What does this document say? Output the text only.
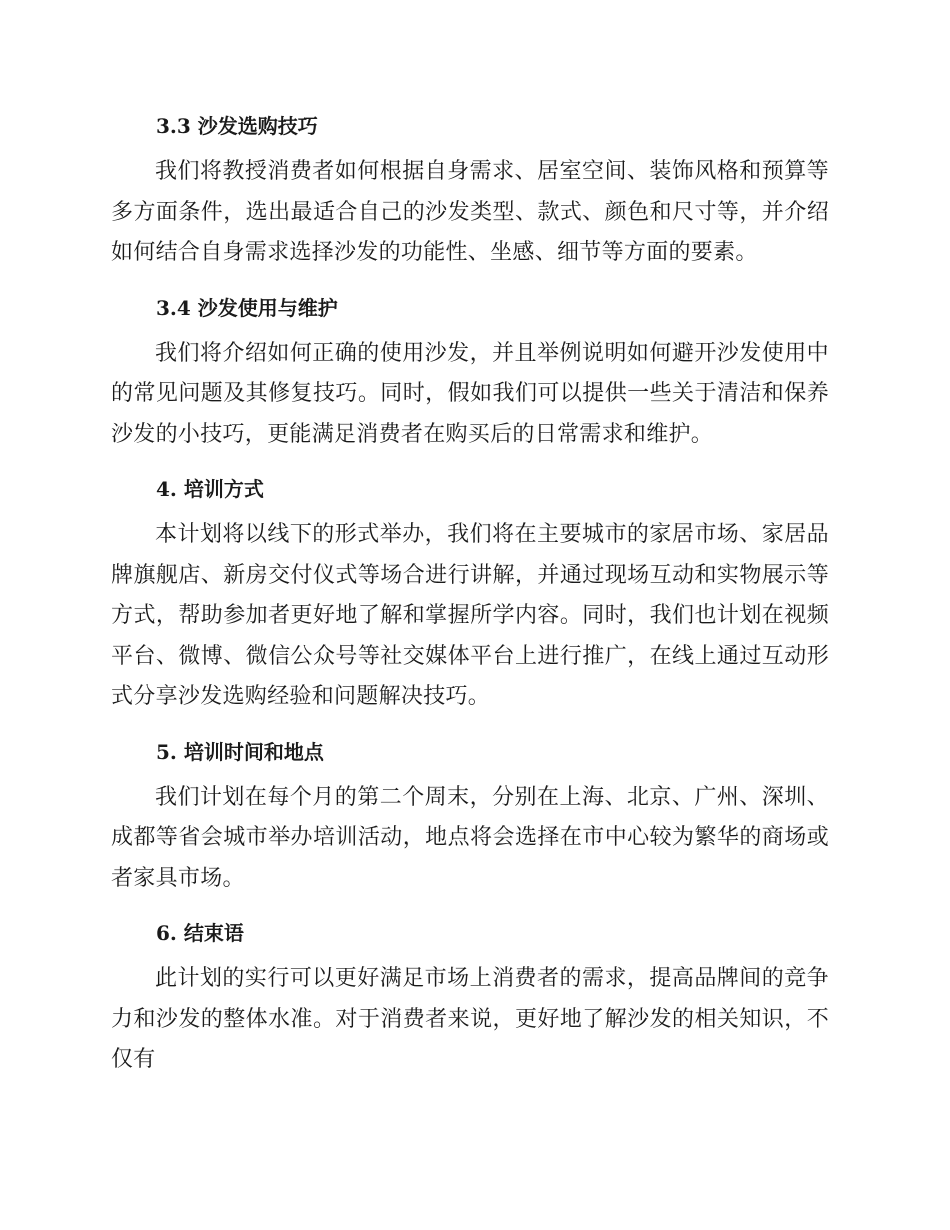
3.3 沙发选购技巧

我们将教授消费者如何根据自身需求、居室空间、装饰风格和预算等多方面条件，选出最适合自己的沙发类型、款式、颜色和尺寸等，并介绍如何结合自身需求选择沙发的功能性、坐感、细节等方面的要素。

3.4 沙发使用与维护

我们将介绍如何正确的使用沙发，并且举例说明如何避开沙发使用中的常见问题及其修复技巧。同时，假如我们可以提供一些关于清洁和保养沙发的小技巧，更能满足消费者在购买后的日常需求和维护。

4. 培训方式

本计划将以线下的形式举办，我们将在主要城市的家居市场、家居品牌旗舰店、新房交付仪式等场合进行讲解，并通过现场互动和实物展示等方式，帮助参加者更好地了解和掌握所学内容。同时，我们也计划在视频平台、微博、微信公众号等社交媒体平台上进行推广，在线上通过互动形式分享沙发选购经验和问题解决技巧。

5. 培训时间和地点

我们计划在每个月的第二个周末，分别在上海、北京、广州、深圳、成都等省会城市举办培训活动，地点将会选择在市中心较为繁华的商场或者家具市场。

6. 结束语

此计划的实行可以更好满足市场上消费者的需求，提高品牌间的竞争力和沙发的整体水准。对于消费者来说，更好地了解沙发的相关知识，不仅有
